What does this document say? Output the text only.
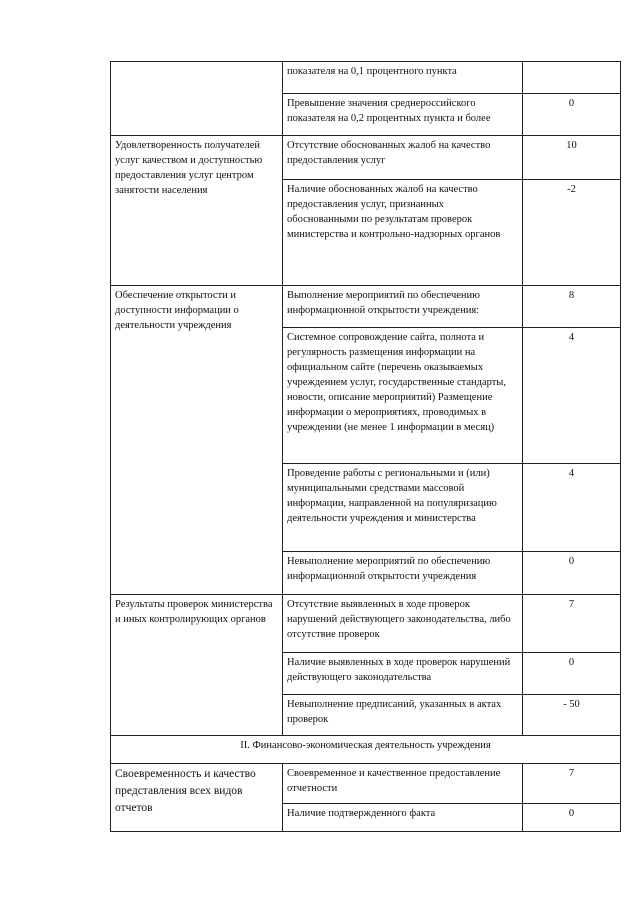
	показателя на 0,1 процентного пункта	
	Превышение значения среднероссийского показателя на 0,2 процентных пункта и более	0
Удовлетворенность получателей услуг качеством и доступностью предоставления услуг центром занятости населения	Отсутствие обоснованных жалоб на качество предоставления услуг	10
	Наличие обоснованных жалоб на качество предоставления услуг, признанных обоснованными по результатам проверок министерства и контрольно-надзорных органов	-2
Обеспечение открытости и доступности информации о деятельности учреждения	Выполнение мероприятий по обеспечению информационной открытости учреждения:	8
	Системное сопровождение сайта, полнота и регулярность размещения информации на официальном сайте (перечень оказываемых учреждением услуг, государственные стандарты, новости, описание мероприятий) Размещение информации о мероприятиях, проводимых в учреждении (не менее 1 информации в месяц)	4
	Проведение работы с региональными и (или) муниципальными средствами массовой информации, направленной на популяризацию деятельности учреждения и министерства	4
	Невыполнение мероприятий по обеспечению информационной открытости учреждения	0
Результаты проверок министерства и иных контролирующих органов	Отсутствие выявленных в ходе проверок нарушений действующего законодательства, либо отсутствие проверок	7
	Наличие выявленных в ходе проверок нарушений действующего законодательства	0
	Невыполнение предписаний, указанных в актах проверок	- 50
II. Финансово-экономическая деятельность учреждения		
Своевременность и качество представления всех видов отчетов	Своевременное и качественное предоставление отчетности	7
	Наличие подтвержденного факта	0
